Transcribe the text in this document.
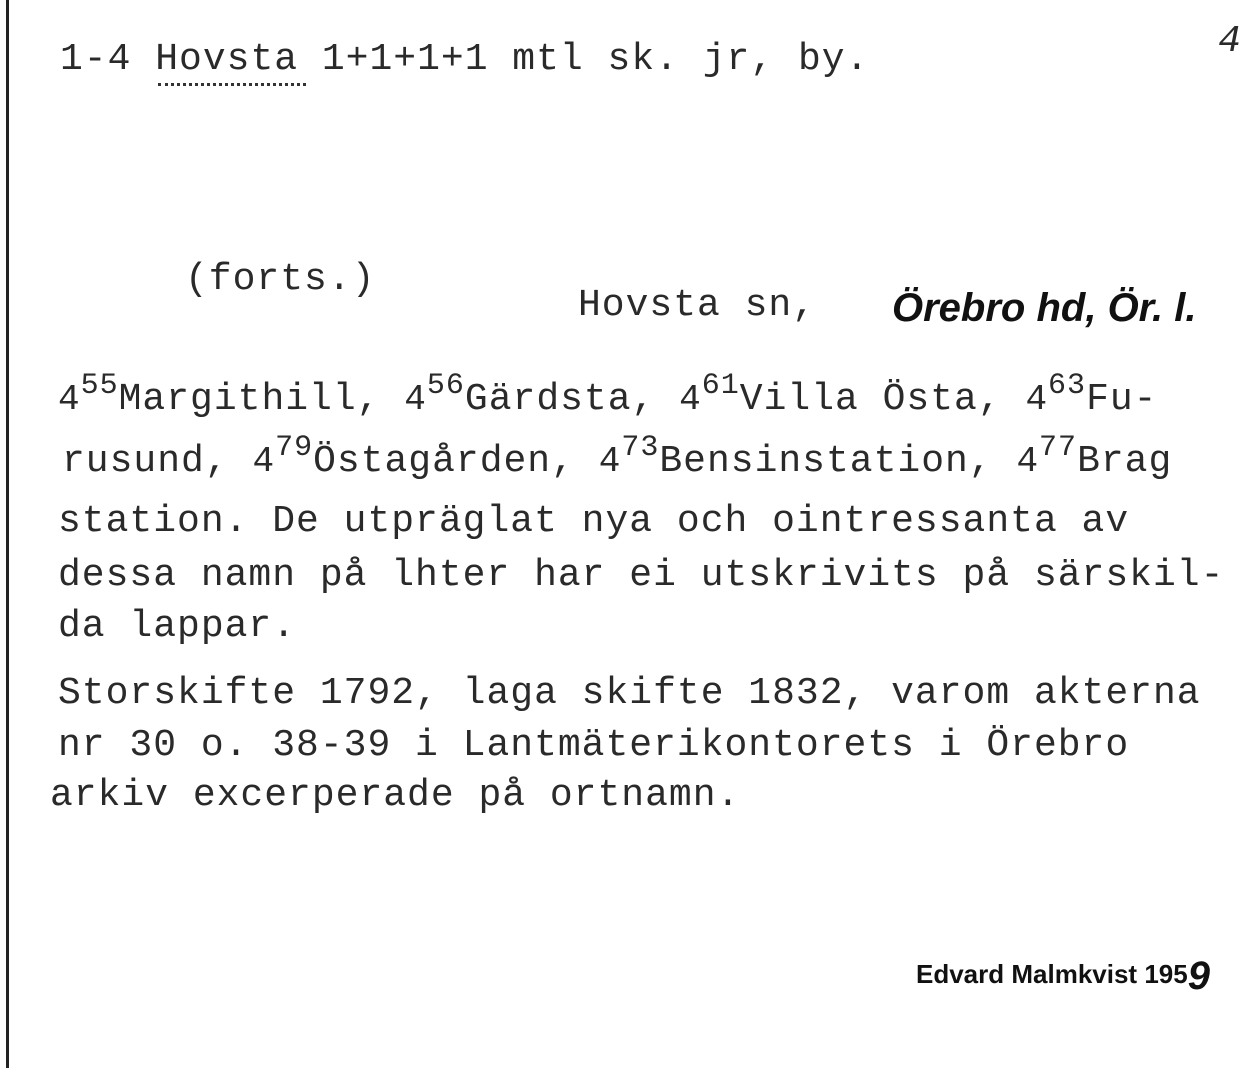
1-4 Hovsta 1+1+1+1 mtl sk. jr, by.	4
(forts.)
Hovsta sn, Örebro hd, Ör. l.
$4^{55}Margithill$, $4^{56}Gärdsta$, $4^{61}Villa$ Östa, $4^{63}Fu-$
rusund, $4^{79}Östagården$, $4^{73}Bensinstation$, $4^{77}Brag$
station. De utpräglat nya och ointressanta av
dessa namn på lhter har ei utskrivits på särskil-
da lappar.
Storskifte 1792, laga skifte 1832, varom akterna
nr 30 o. 38-39 i Lantmäterikontorets i Örebro
arkiv excerperade på ortnamn.
Edvard Malmkvist 1959
